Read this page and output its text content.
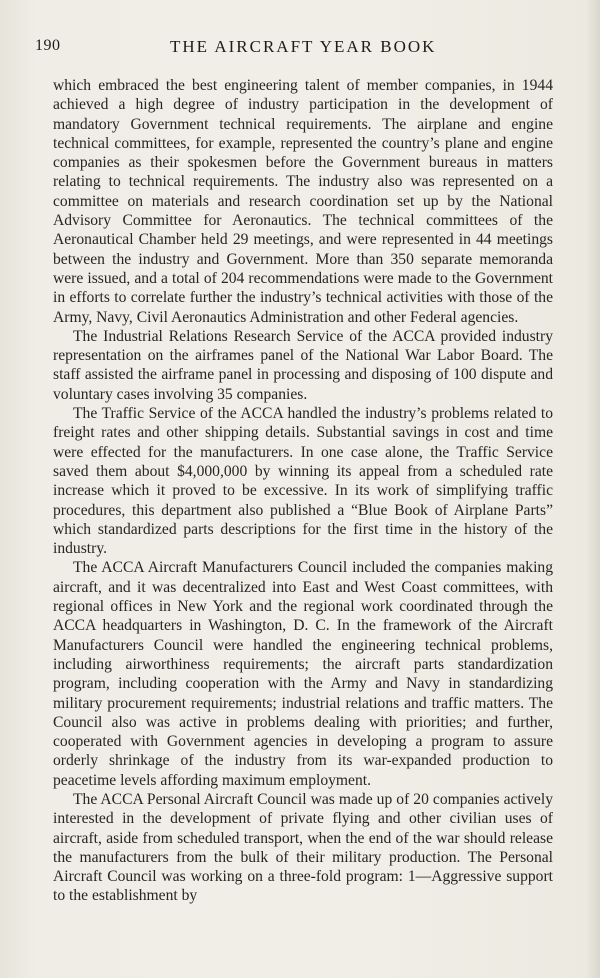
190	THE AIRCRAFT YEAR BOOK

which embraced the best engineering talent of member companies, in 1944 achieved a high degree of industry participation in the development of mandatory Government technical requirements. The airplane and engine technical committees, for example, represented the country’s plane and engine companies as their spokesmen before the Government bureaus in matters relating to technical requirements. The industry also was represented on a committee on materials and research coordination set up by the National Advisory Committee for Aeronautics. The technical committees of the Aeronautical Chamber held 29 meetings, and were represented in 44 meetings between the industry and Government. More than 350 separate memoranda were issued, and a total of 204 recommendations were made to the Government in efforts to correlate further the industry’s technical activities with those of the Army, Navy, Civil Aeronautics Administration and other Federal agencies.

The Industrial Relations Research Service of the ACCA provided industry representation on the airframes panel of the National War Labor Board. The staff assisted the airframe panel in processing and disposing of 100 dispute and voluntary cases involving 35 companies.

The Traffic Service of the ACCA handled the industry’s problems related to freight rates and other shipping details. Substantial savings in cost and time were effected for the manufacturers. In one case alone, the Traffic Service saved them about $4,000,000 by winning its appeal from a scheduled rate increase which it proved to be excessive. In its work of simplifying traffic procedures, this department also published a “Blue Book of Airplane Parts” which standardized parts descriptions for the first time in the history of the industry.

The ACCA Aircraft Manufacturers Council included the companies making aircraft, and it was decentralized into East and West Coast committees, with regional offices in New York and the regional work coordinated through the ACCA headquarters in Washington, D. C. In the framework of the Aircraft Manufacturers Council were handled the engineering technical problems, including airworthiness requirements; the aircraft parts standardization program, including cooperation with the Army and Navy in standardizing military procurement requirements; industrial relations and traffic matters. The Council also was active in problems dealing with priorities; and further, cooperated with Government agencies in developing a program to assure orderly shrinkage of the industry from its war-expanded production to peacetime levels affording maximum employment.

The ACCA Personal Aircraft Council was made up of 20 companies actively interested in the development of private flying and other civilian uses of aircraft, aside from scheduled transport, when the end of the war should release the manufacturers from the bulk of their military production. The Personal Aircraft Council was working on a three-fold program: 1—Aggressive support to the establishment by
